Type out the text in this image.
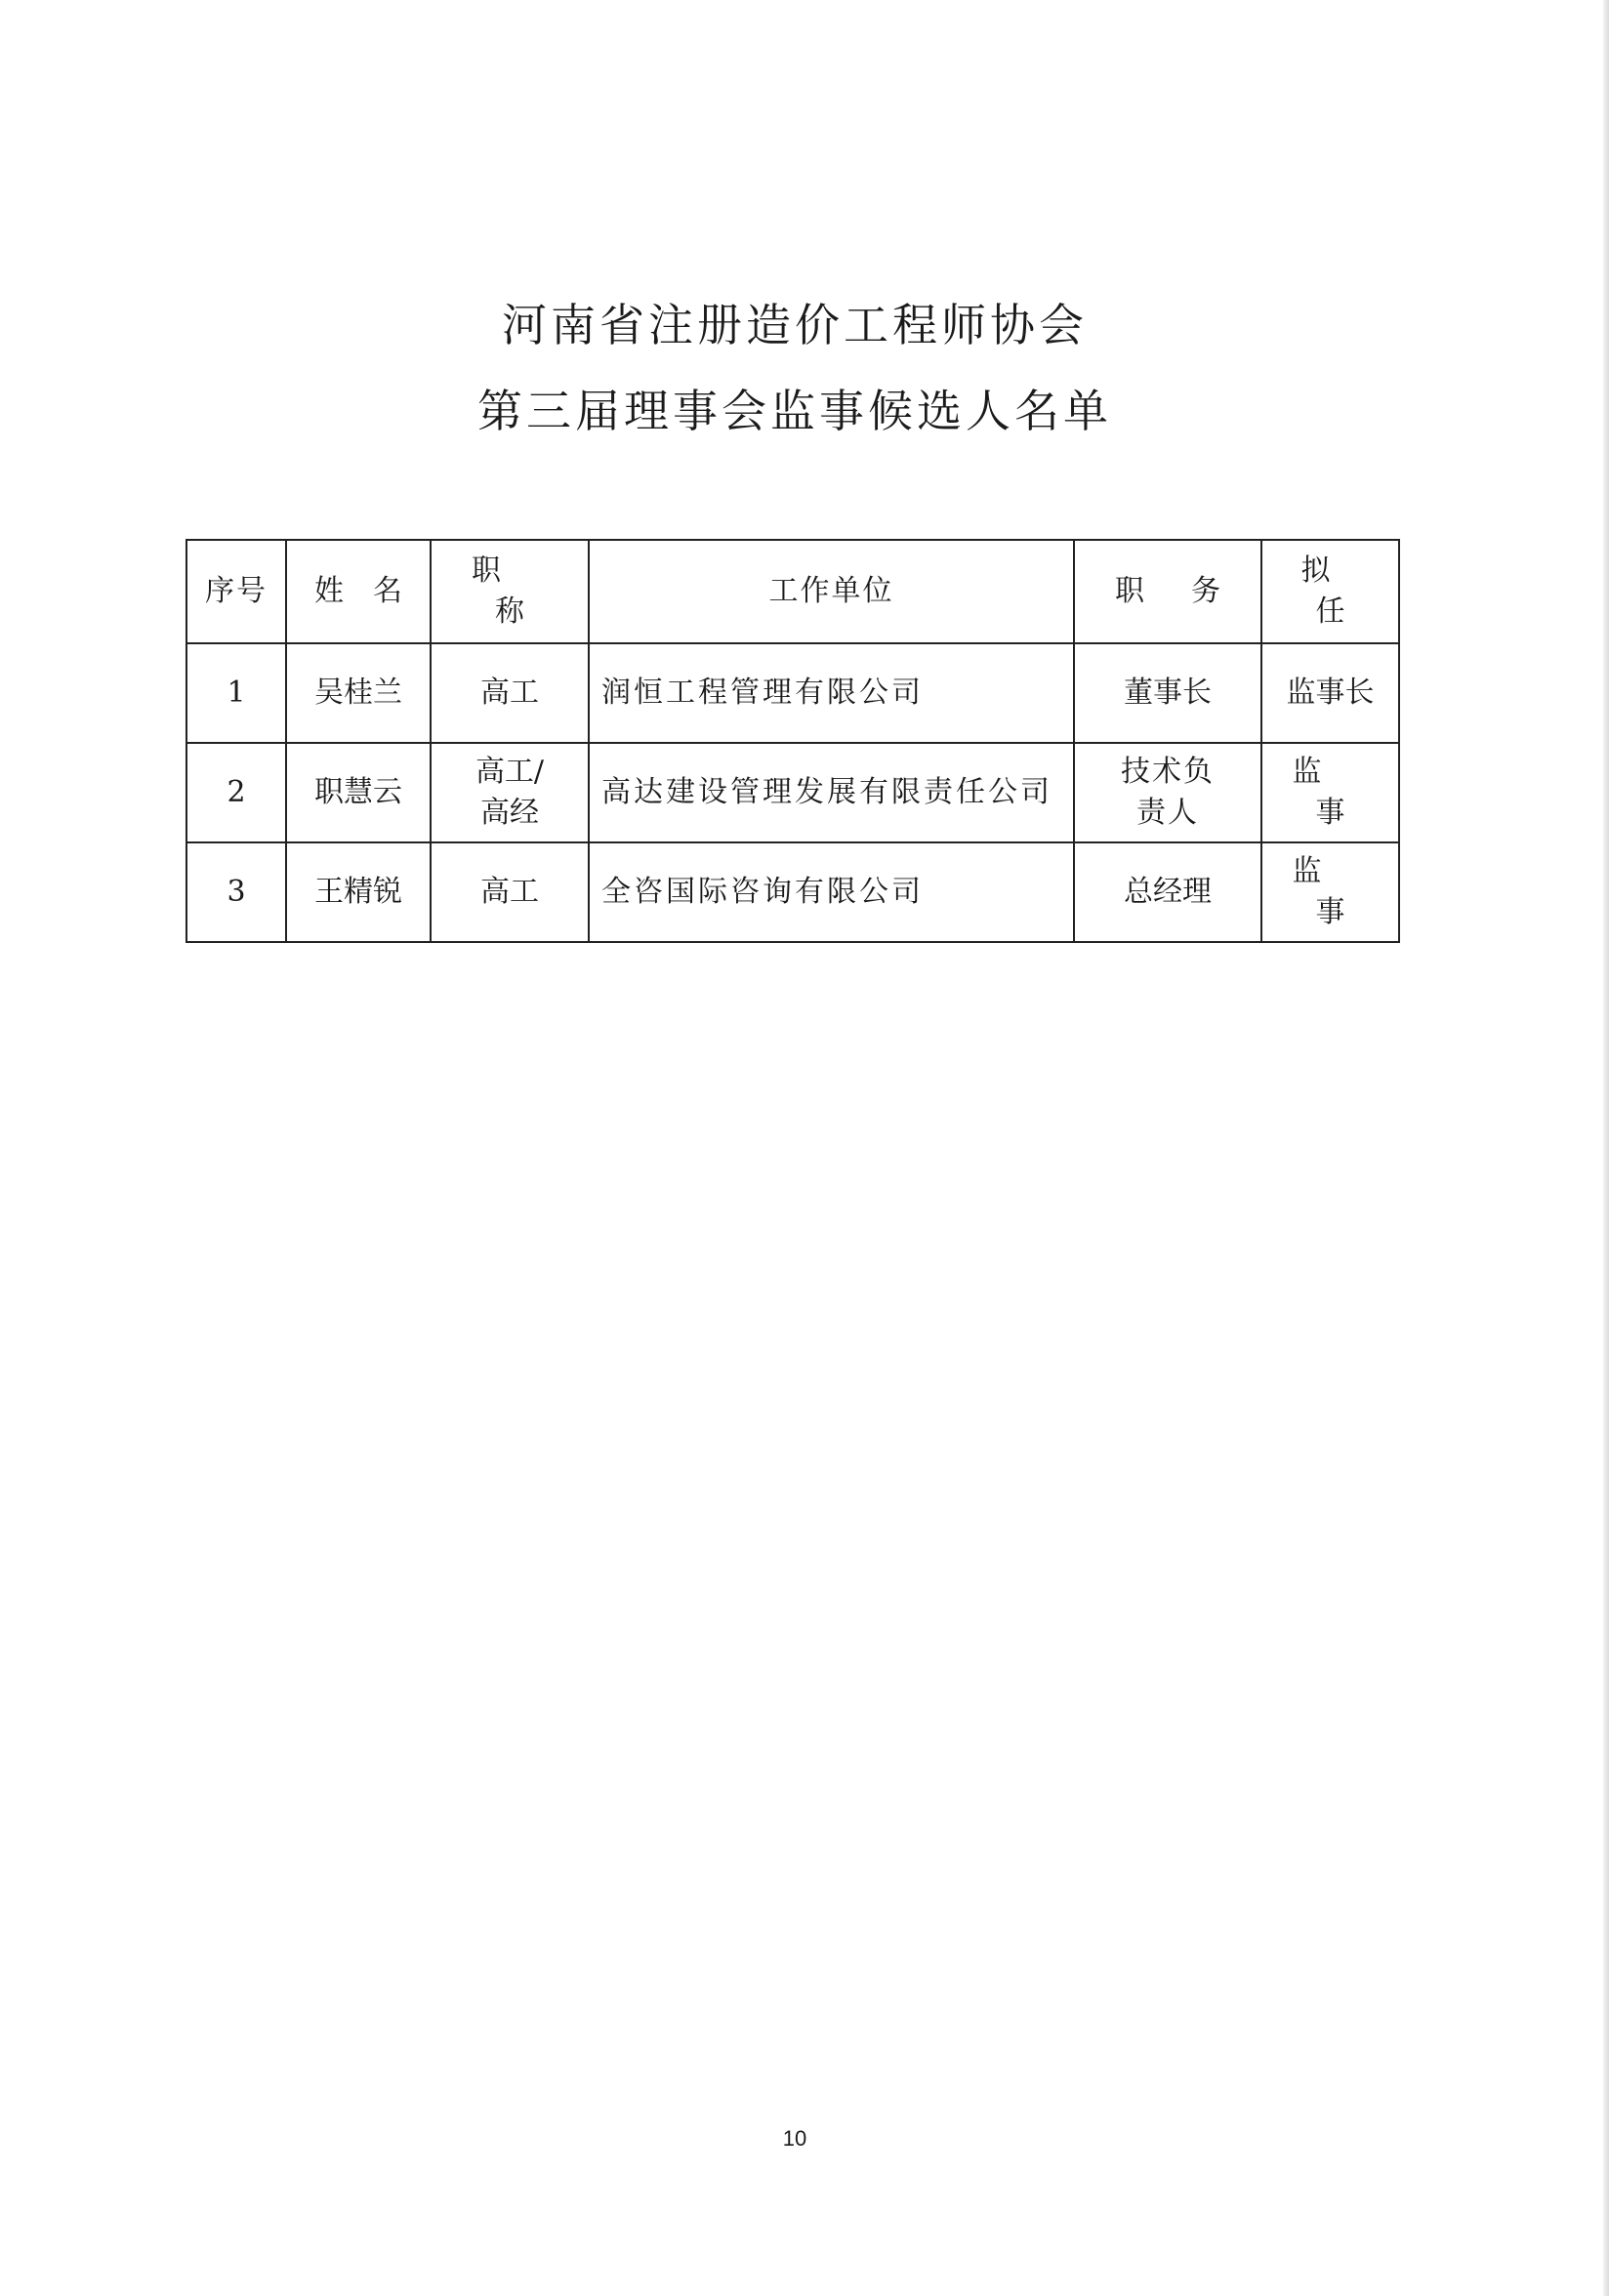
河南省注册造价工程师协会
第三届理事会监事候选人名单
序号	姓名	职称	工作单位	职务	拟任
1	吴桂兰	高工	润恒工程管理有限公司	董事长	监事长
2	职慧云	高工/高经	高达建设管理发展有限责任公司	技术负责人	监事
3	王精锐	高工	全咨国际咨询有限公司	总经理	监事
10
